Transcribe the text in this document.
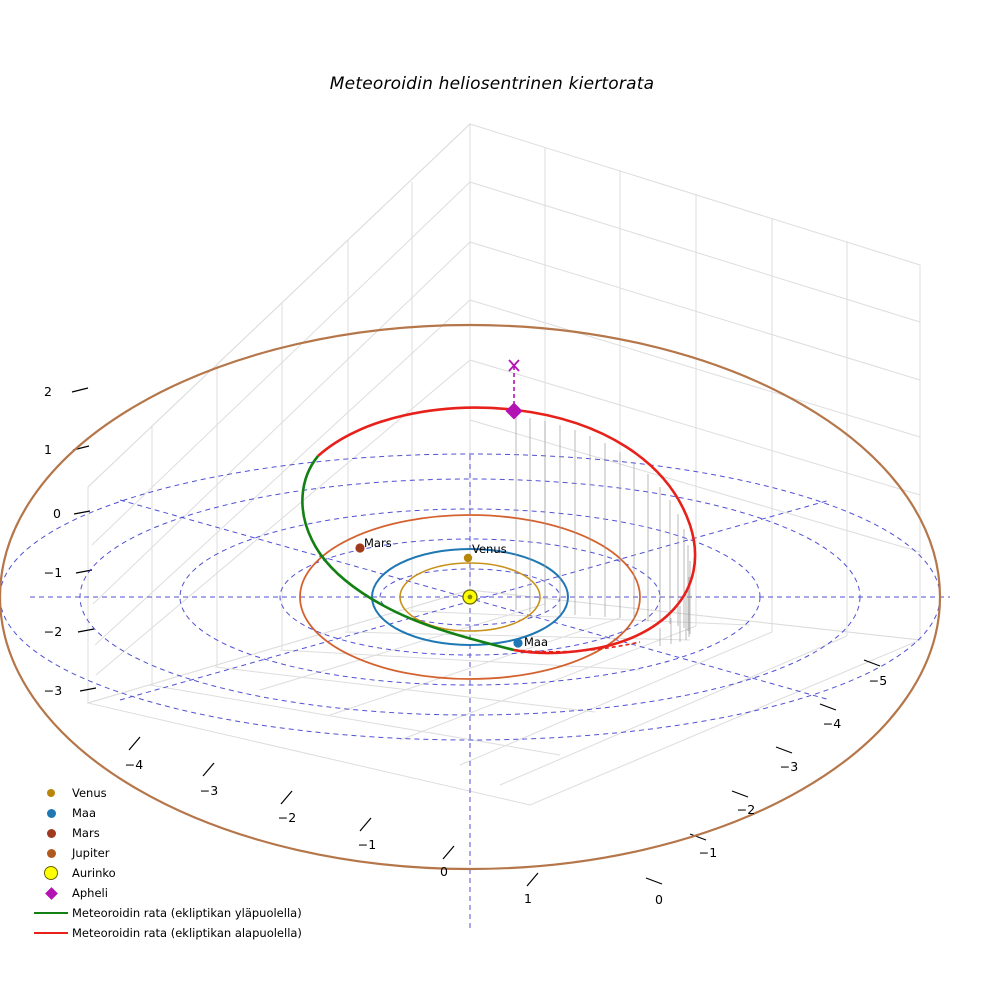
Meteoroidin heliosentrinen kiertorata
Mars	Venus
Maa
2
1
0
−1
−2
−3
−4
−3
−2
−1
0
1
−5
−4
−3
−2
−1
0
Venus
Maa
Mars
Jupiter
Aurinko
Apheli
Meteoroidin rata (ekliptikan yläpuolella)
Meteoroidin rata (ekliptikan alapuolella)
